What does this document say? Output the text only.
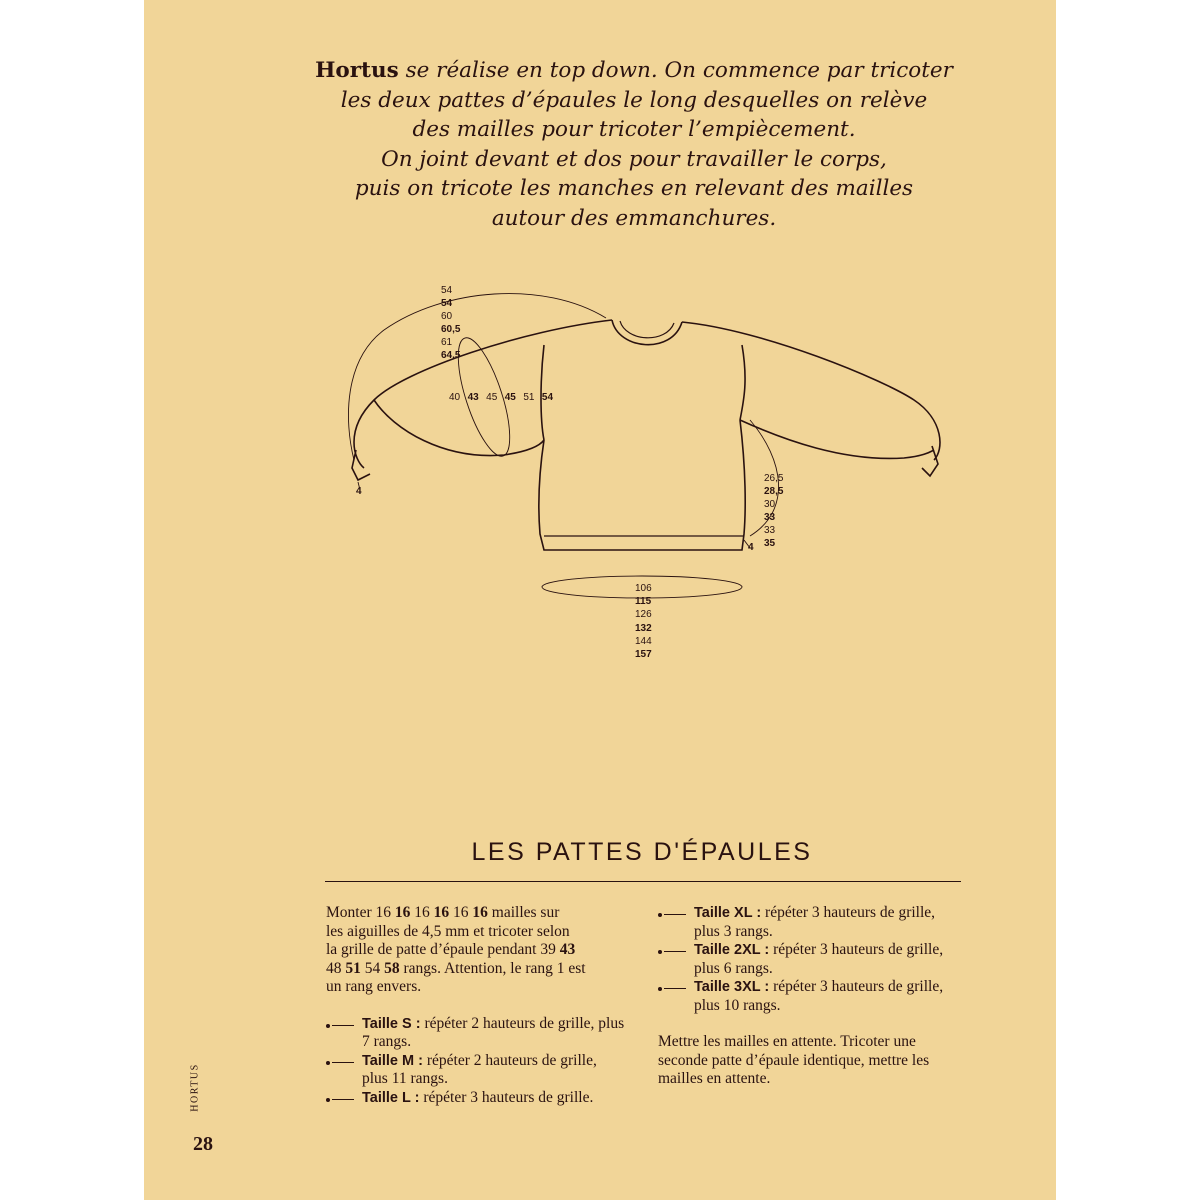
Hortus se réalise en top down. On commence par tricoter
les deux pattes d’épaules le long desquelles on relève
des mailles pour tricoter l’empiècement.
On joint devant et dos pour travailler le corps,
puis on tricote les manches en relevant des mailles
autour des emmanchures.
54
54
60
60,5
61
64,5
40 43 45 45 51 54
4
26,5
28,5
30
33
33
35
4
106
115
126
132
144
157
LES PATTES D'ÉPAULES

Monter 16 16 16 16 16 16 mailles sur
les aiguilles de 4,5 mm et tricoter selon
la grille de patte d’épaule pendant 39 43
48 51 54 58 rangs. Attention, le rang 1 est
un rang envers.

Taille S : répéter 2 hauteurs de grille, plus 7 rangs.
Taille M : répéter 2 hauteurs de grille, plus 11 rangs.
Taille L : répéter 3 hauteurs de grille.
Taille XL : répéter 3 hauteurs de grille, plus 3 rangs.
Taille 2XL : répéter 3 hauteurs de grille, plus 6 rangs.
Taille 3XL : répéter 3 hauteurs de grille, plus 10 rangs.

Mettre les mailles en attente. Tricoter une seconde patte d’épaule identique, mettre les mailles en attente.

HORTUS
28
